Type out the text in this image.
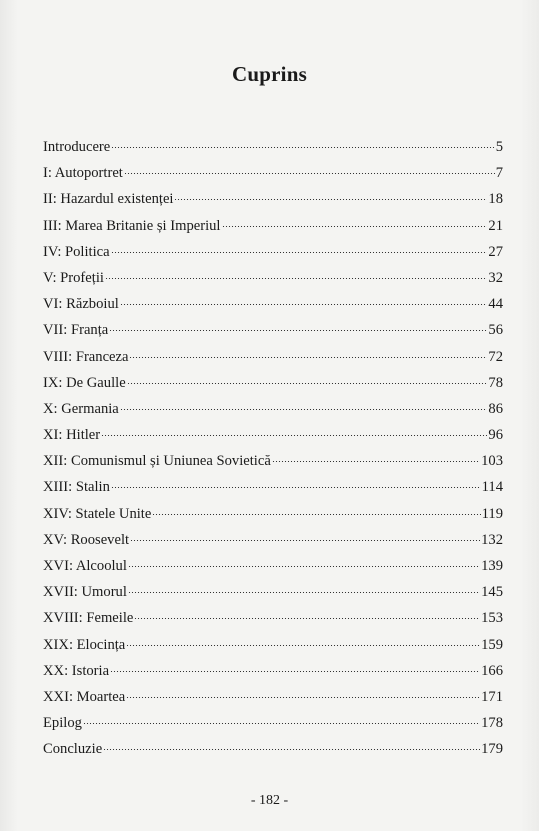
Cuprins
Introducere	5
I: Autoportret	7
II: Hazardul existenței	18
III: Marea Britanie și Imperiul	21
IV: Politica	27
V: Profeții	32
VI: Războiul	44
VII: Franța	56
VIII: Franceza	72
IX: De Gaulle	78
X: Germania	86
XI: Hitler	96
XII: Comunismul și Uniunea Sovietică	103
XIII: Stalin	114
XIV: Statele Unite	119
XV: Roosevelt	132
XVI: Alcoolul	139
XVII: Umorul	145
XVIII: Femeile	153
XIX: Elocința	159
XX: Istoria	166
XXI: Moartea	171
Epilog	178
Concluzie	179
- 182 -
